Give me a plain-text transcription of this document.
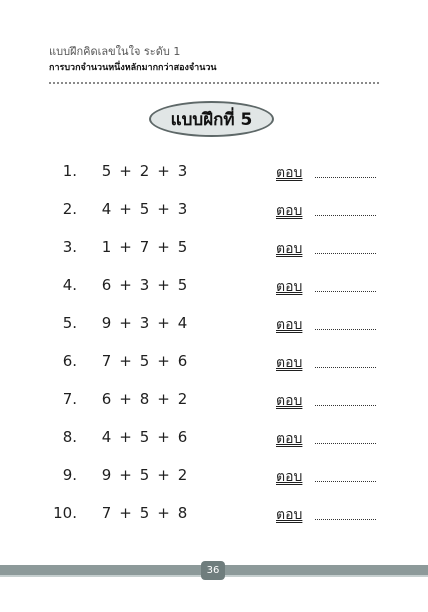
แบบฝึกคิดเลขในใจ ระดับ 1
การบวกจำนวนหนึ่งหลักมากกว่าสองจำนวน
แบบฝึกที่ 5
1.	5 + 2 + 3	ตอบ
2.	4 + 5 + 3	ตอบ
3.	1 + 7 + 5	ตอบ
4.	6 + 3 + 5	ตอบ
5.	9 + 3 + 4	ตอบ
6.	7 + 5 + 6	ตอบ
7.	6 + 8 + 2	ตอบ
8.	4 + 5 + 6	ตอบ
9.	9 + 5 + 2	ตอบ
10.	7 + 5 + 8	ตอบ
36
